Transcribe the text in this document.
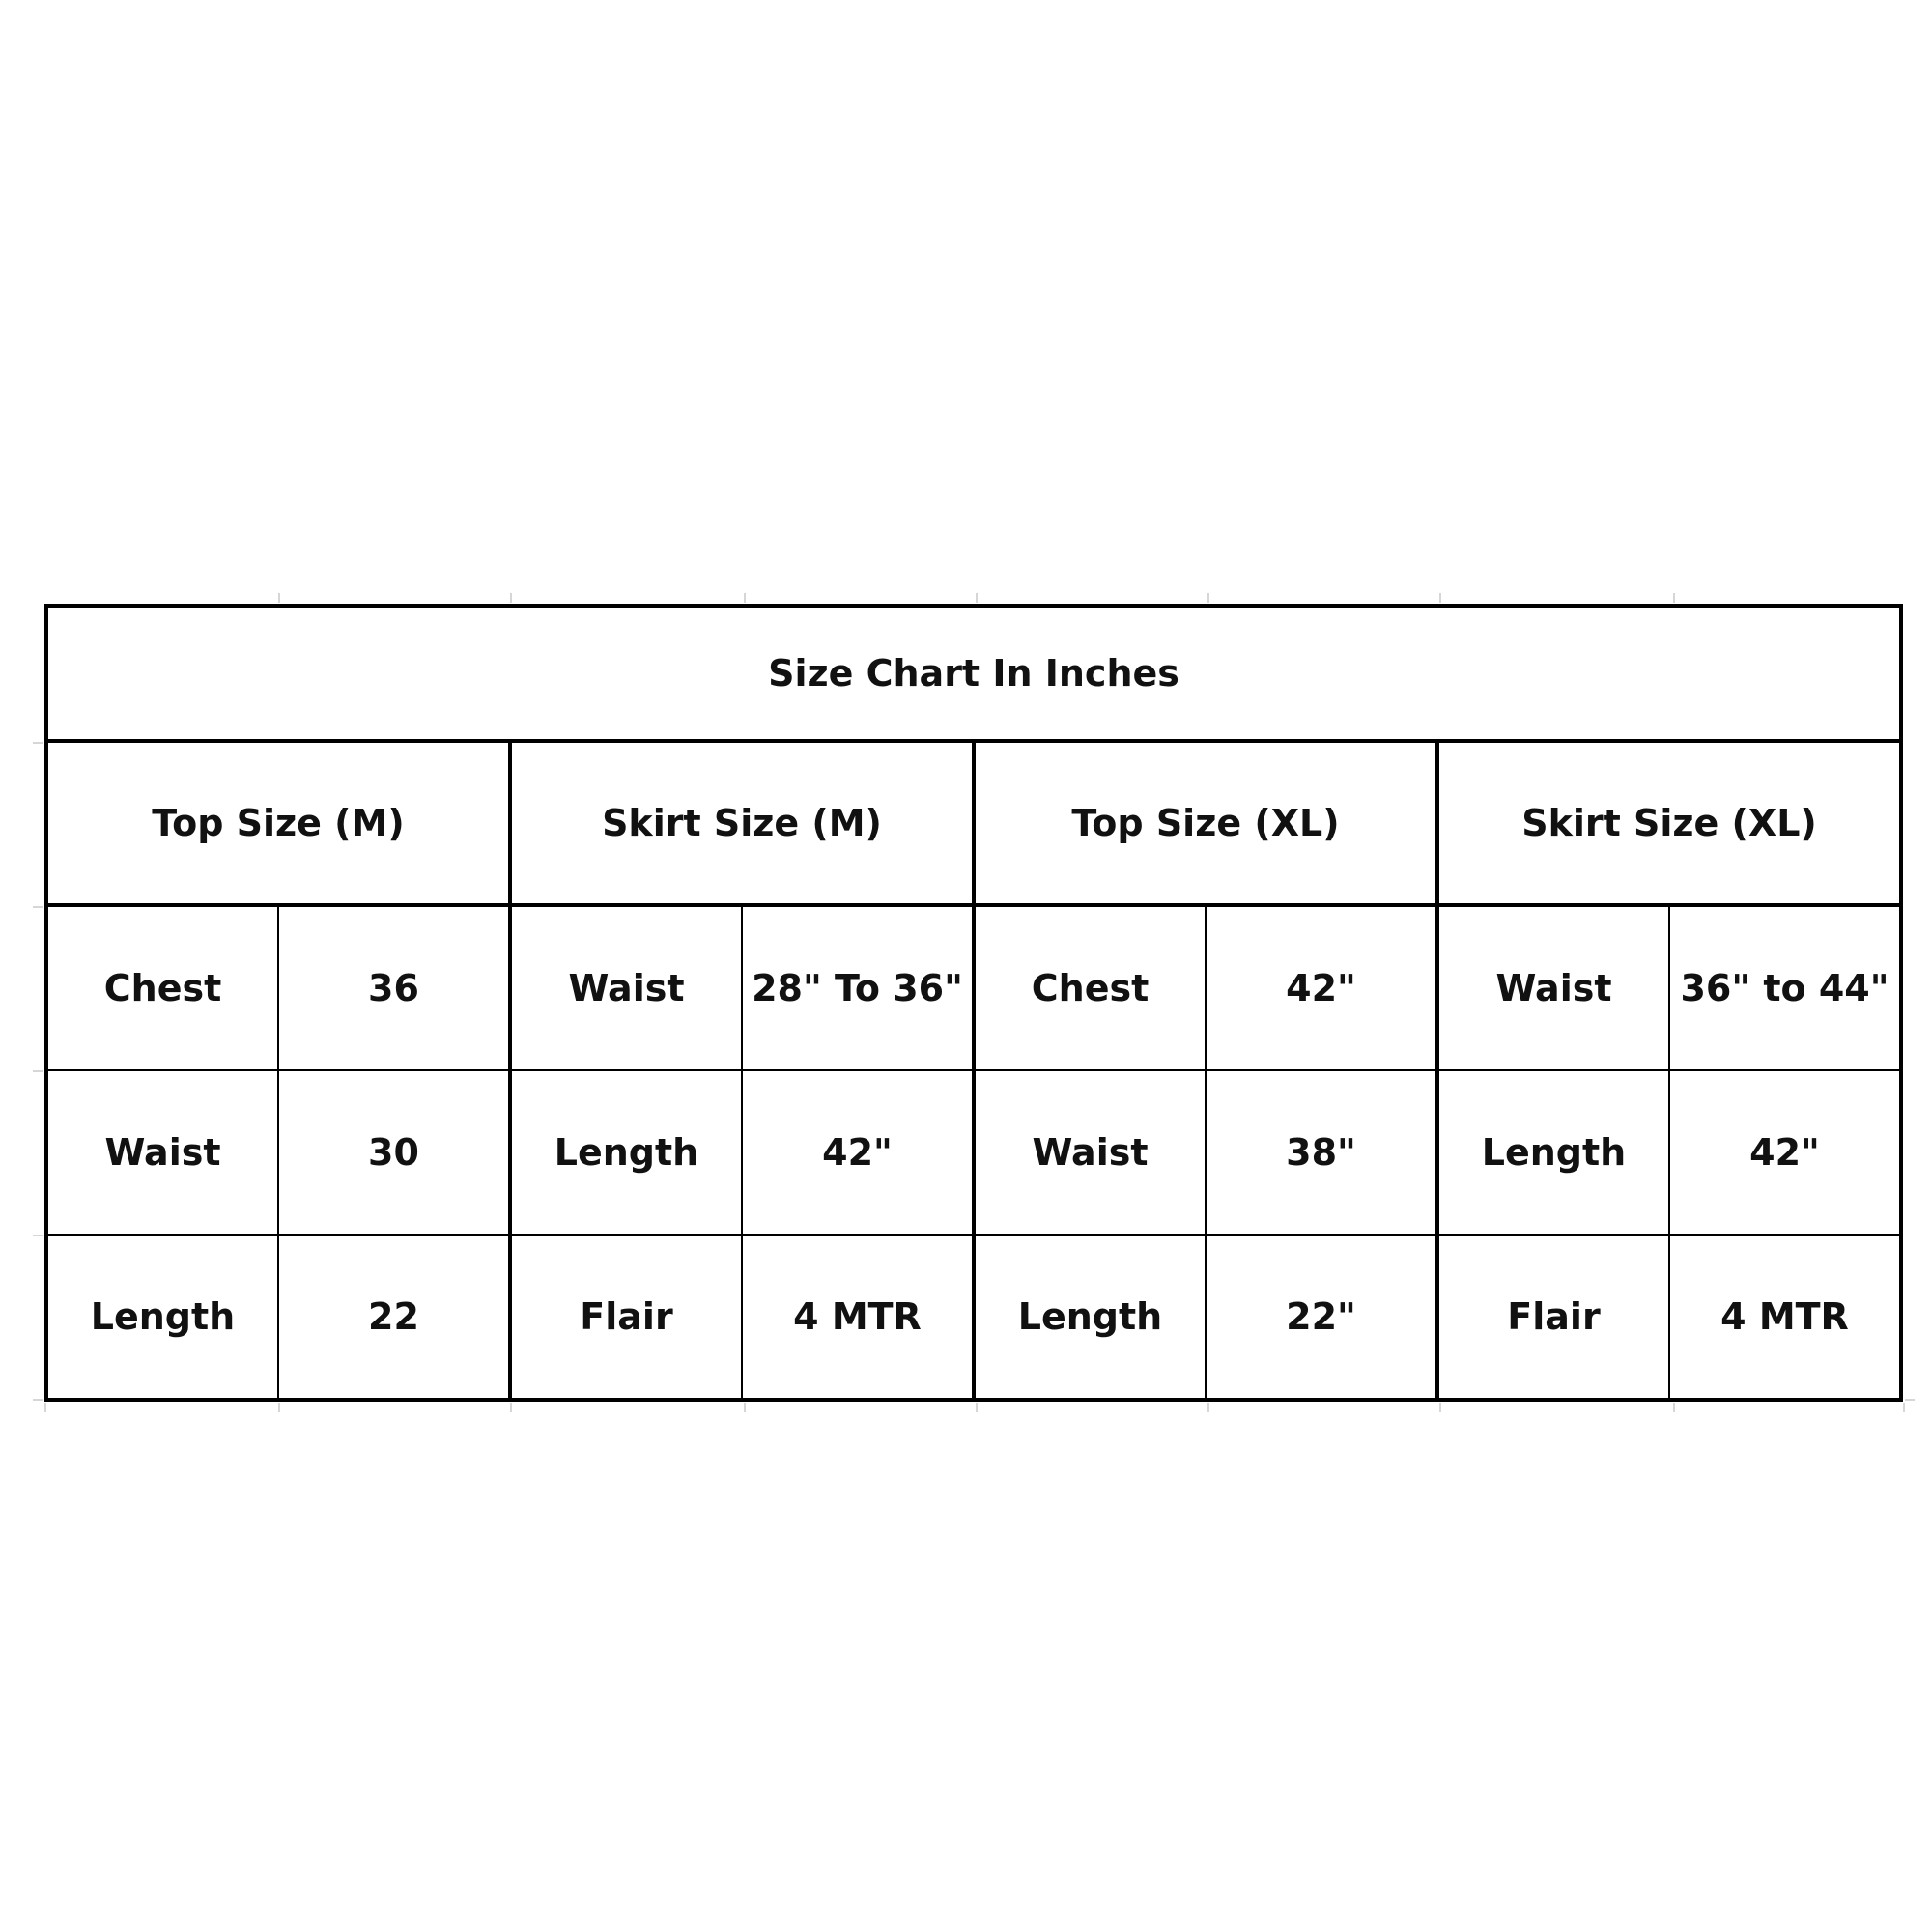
Size Chart In Inches							
Top Size (M)		Skirt Size (M)		Top Size (XL)		Skirt Size (XL)	
Chest	36	Waist	28" To 36"	Chest	42"	Waist	36" to 44"
Waist	30	Length	42"	Waist	38"	Length	42"
Length	22	Flair	4 MTR	Length	22"	Flair	4 MTR
